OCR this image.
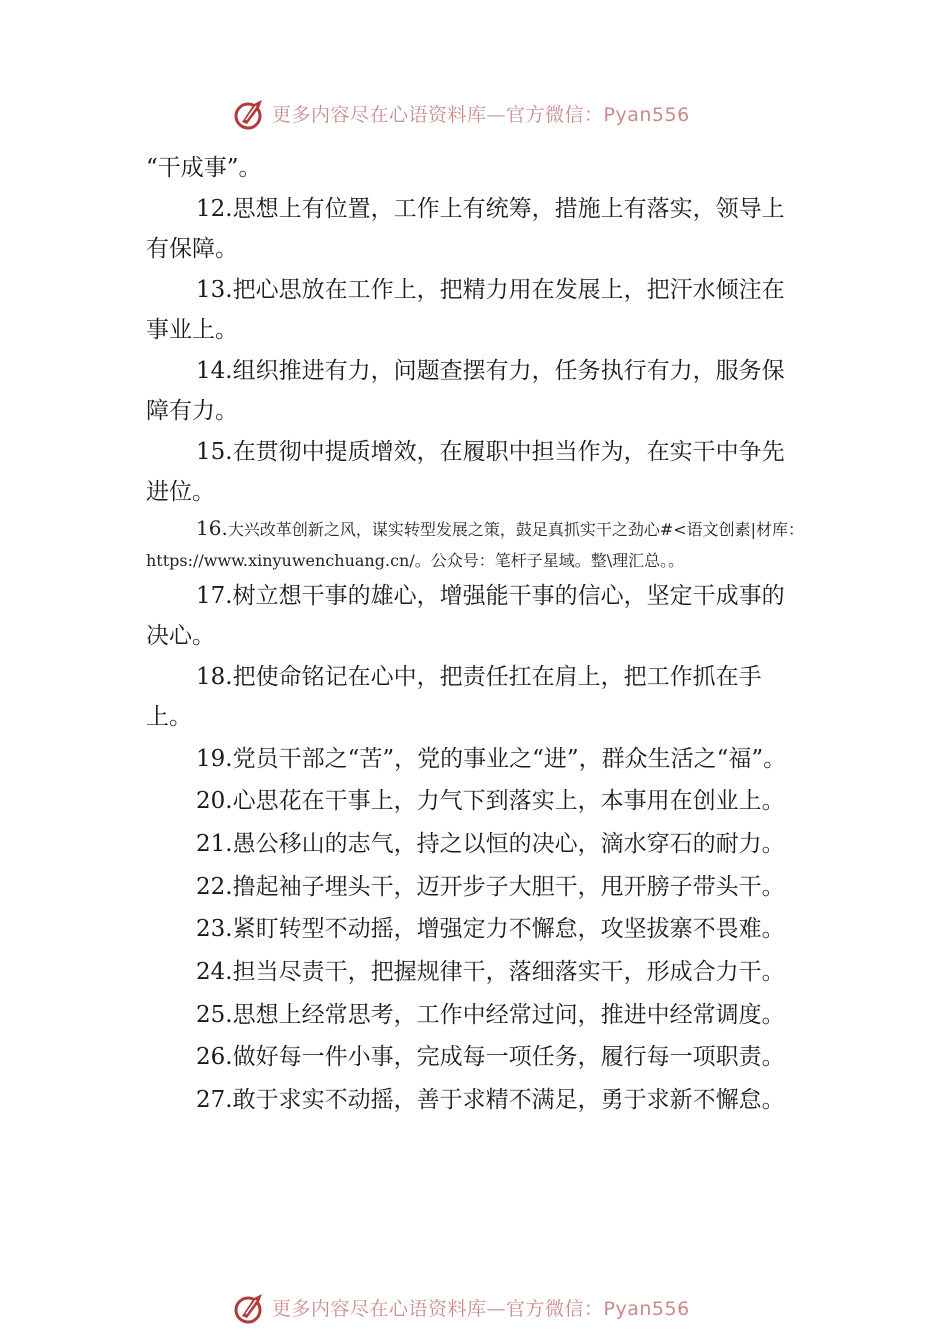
更多内容尽在心语资料库—官方微信：Pyan556

“干成事”。

12.思想上有位置，工作上有统筹，措施上有落实，领导上有保障。

13.把心思放在工作上，把精力用在发展上，把汗水倾注在事业上。

14.组织推进有力，问题查摆有力，任务执行有力，服务保障有力。

15.在贯彻中提质增效，在履职中担当作为，在实干中争先进位。

16.大兴改革创新之风，谋实转型发展之策，鼓足真抓实干之劲心#<语文创素|材库：https://www.xinyuwenchuang.cn/。公众号：笔杆子星域。整\理汇总。。

17.树立想干事的雄心，增强能干事的信心，坚定干成事的决心。

18.把使命铭记在心中，把责任扛在肩上，把工作抓在手上。

19.党员干部之“苦”，党的事业之“进”，群众生活之“福”。

20.心思花在干事上，力气下到落实上，本事用在创业上。

21.愚公移山的志气，持之以恒的决心，滴水穿石的耐力。

22.撸起袖子埋头干，迈开步子大胆干，甩开膀子带头干。

23.紧盯转型不动摇，增强定力不懈怠，攻坚拔寨不畏难。

24.担当尽责干，把握规律干，落细落实干，形成合力干。

25.思想上经常思考，工作中经常过问，推进中经常调度。

26.做好每一件小事，完成每一项任务，履行每一项职责。

27.敢于求实不动摇，善于求精不满足，勇于求新不懈怠。

更多内容尽在心语资料库—官方微信：Pyan556
